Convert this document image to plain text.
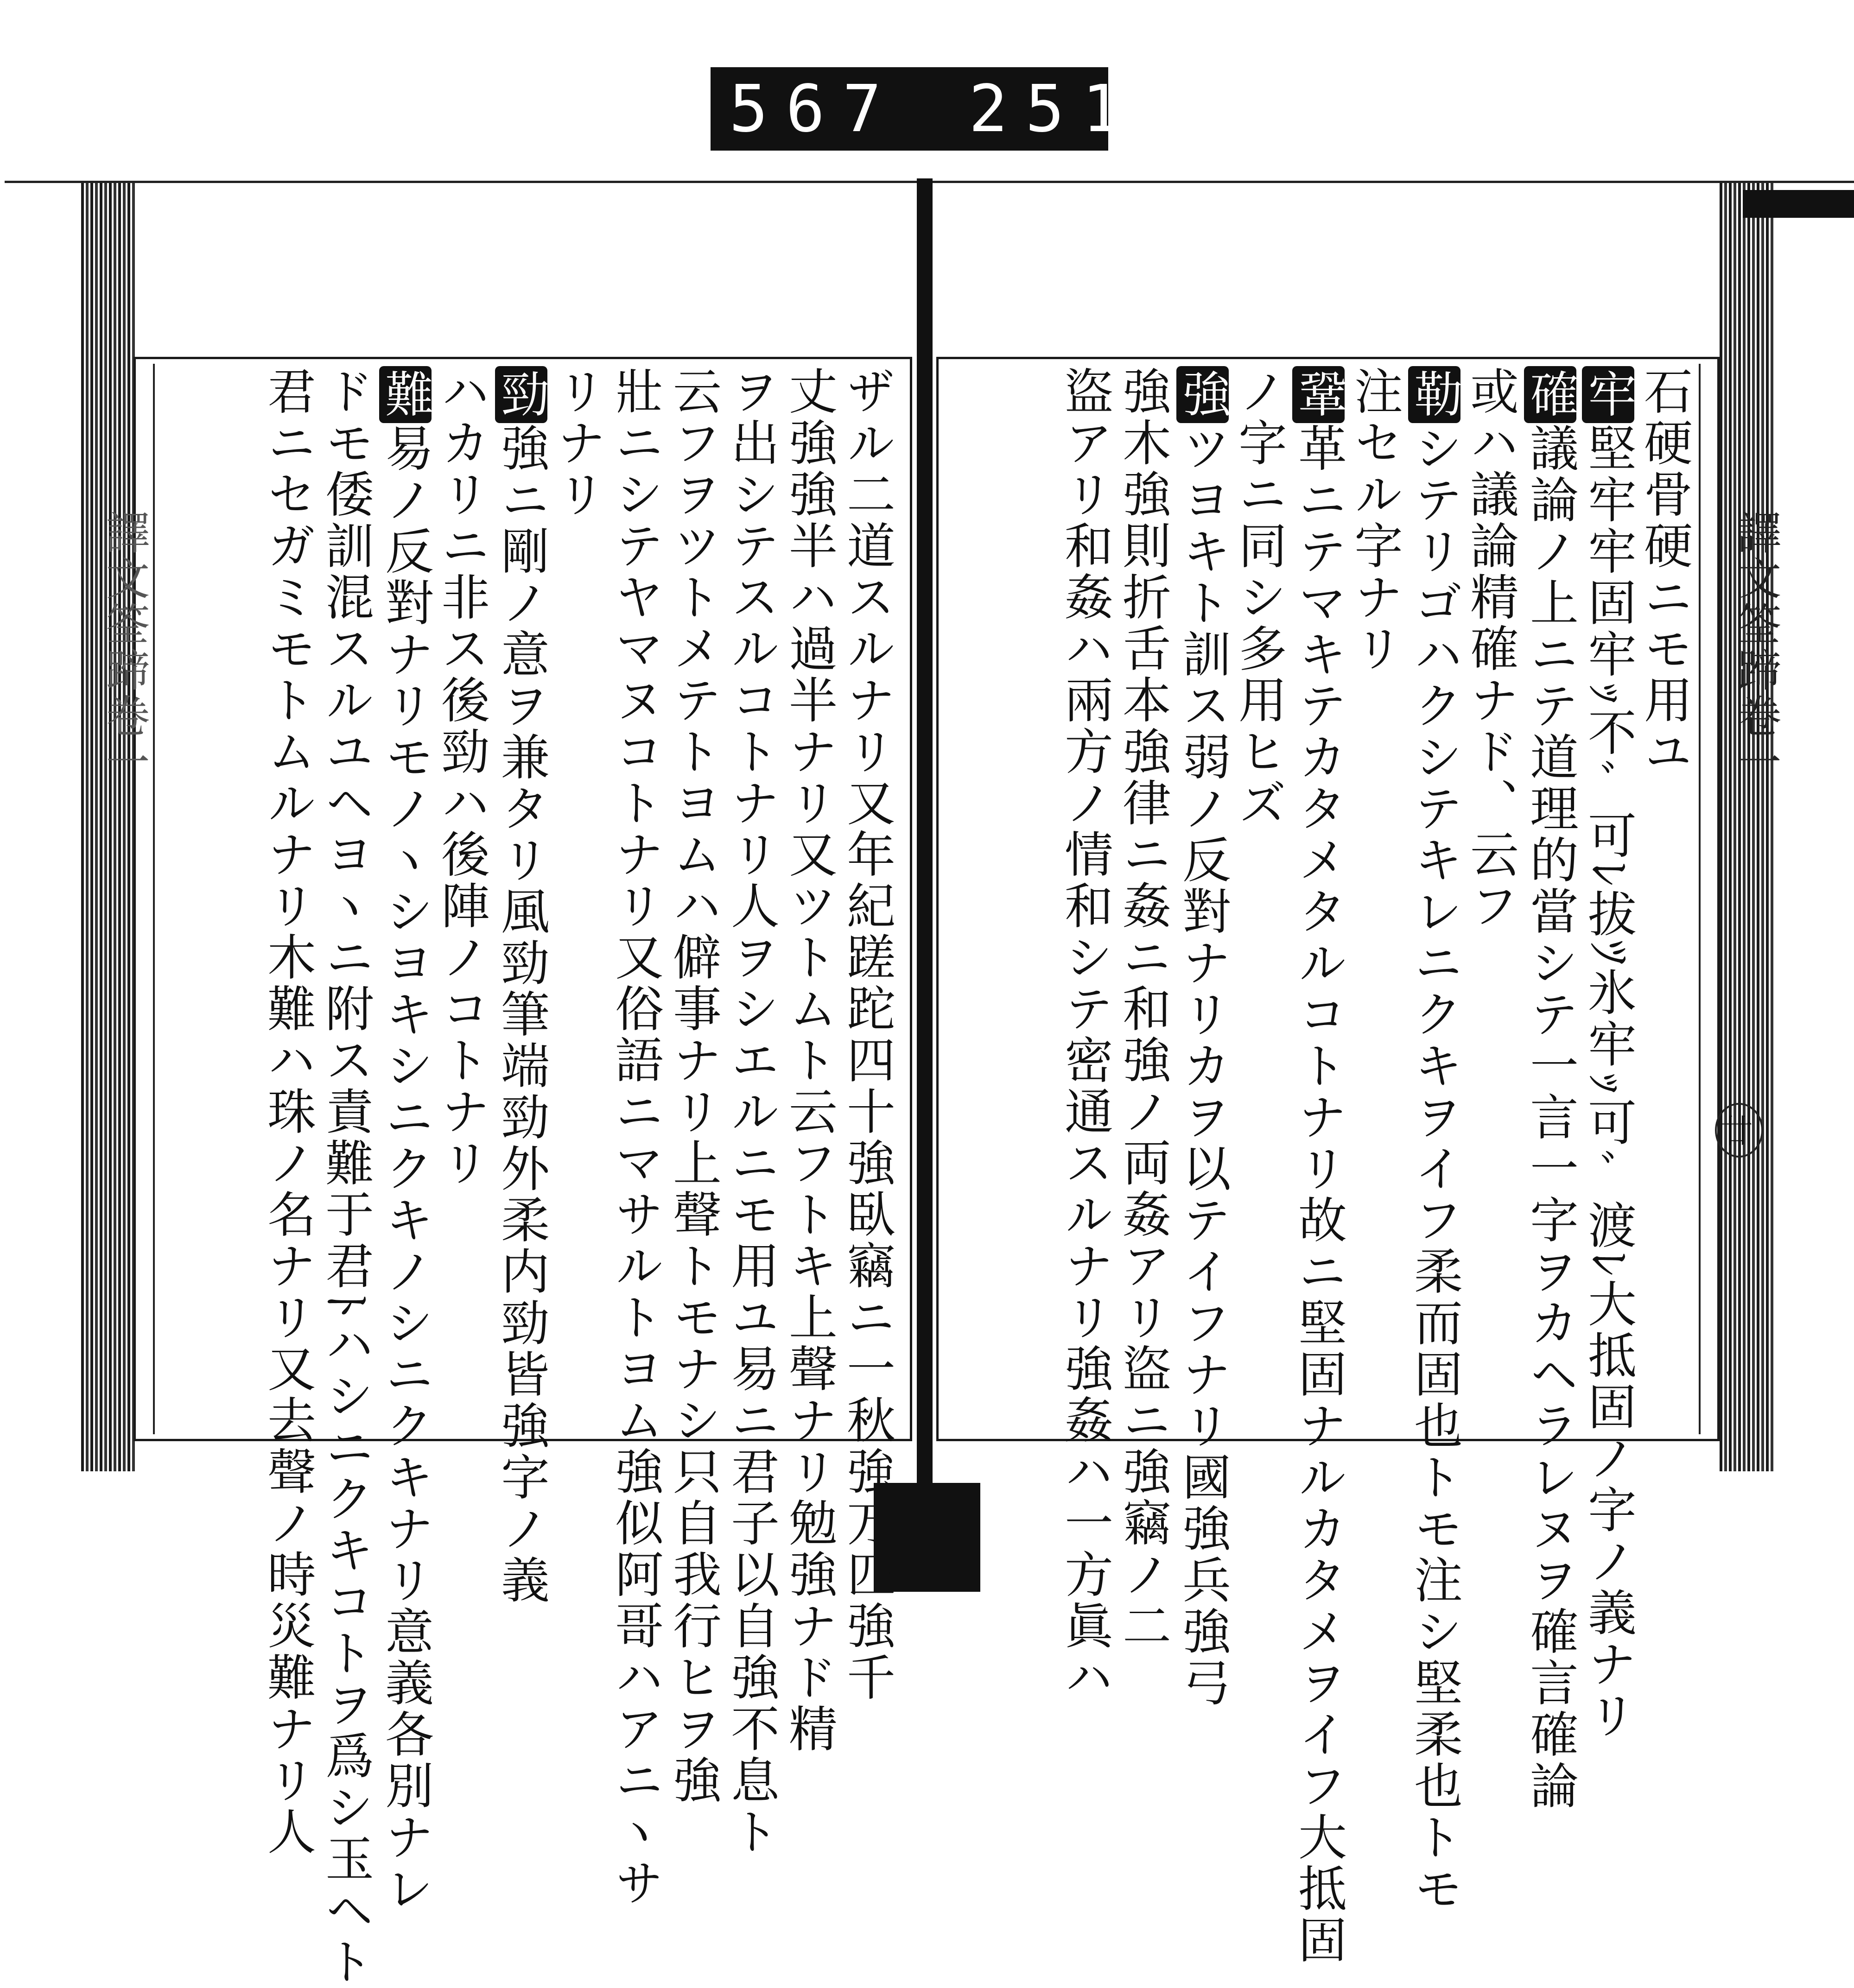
567 251.
譯文筌蹄卷一
譯文筌蹄卷一
廿
石硬骨硬ニモ用ユ
牢堅牢牢固牢ｯ不ﾞ可ﾚ拔ﾂ氷牢ｯ可ﾞ渡ﾚ大抵固ノ字ノ義ナリ
確議論ノ上ニテ道理的當シテ一言一字ヲカヘラレヌヲ確言確論
或ハ議論精確ナド、云フ
勒シテリゴハクシテキレニクキヲイフ柔而固也トモ注シ堅柔也トモ
注セル字ナリ
鞏革ニテマキテカタメタルコトナリ故ニ堅固ナルカタメヲイフ大抵固
ノ字ニ同シ多用ヒズ
強ツヨキト訓ス弱ノ反對ナリカヲ以テイフナリ國強兵強弓
強木強則折舌本強律ニ姦ニ和強ノ両姦アリ盜ニ強竊ノ二
盜アリ和姦ハ兩方ノ情和シテ密通スルナリ強姦ハ一方眞ハ
ザル二道スルナリ又年紀蹉跎四十強臥竊ニ一秋強万匹強千
丈強強半ハ過半ナリ又ツトムト云フトキ上聲ナリ勉強ナド精
ヲ出シテスルコトナリ人ヲシエルニモ用ユ易ニ君子以自強不息ト
云フヲツトメテトヨムハ僻事ナリ上聲トモナシ只自我行ヒヲ強
壯ニシテヤマヌコトナリ又俗語ニマサルトヨム強似阿哥ハアニヽサ
リナリ
勁強ニ剛ノ意ヲ兼タリ風勁筆端勁外柔内勁皆強字ノ義
ハカリニ非ス後勁ハ後陣ノコトナリ
難易ノ反對ナリモノヽシヨキシニクキノシニクキナリ意義各別ナレ
ドモ倭訓混スルユヘヨヽニ附ス責難于君ﾄハシニクキコトヲ爲シ玉ヘト
君ニセガミモトムルナリ木難ハ珠ノ名ナリ又去聲ノ時災難ナリ人
